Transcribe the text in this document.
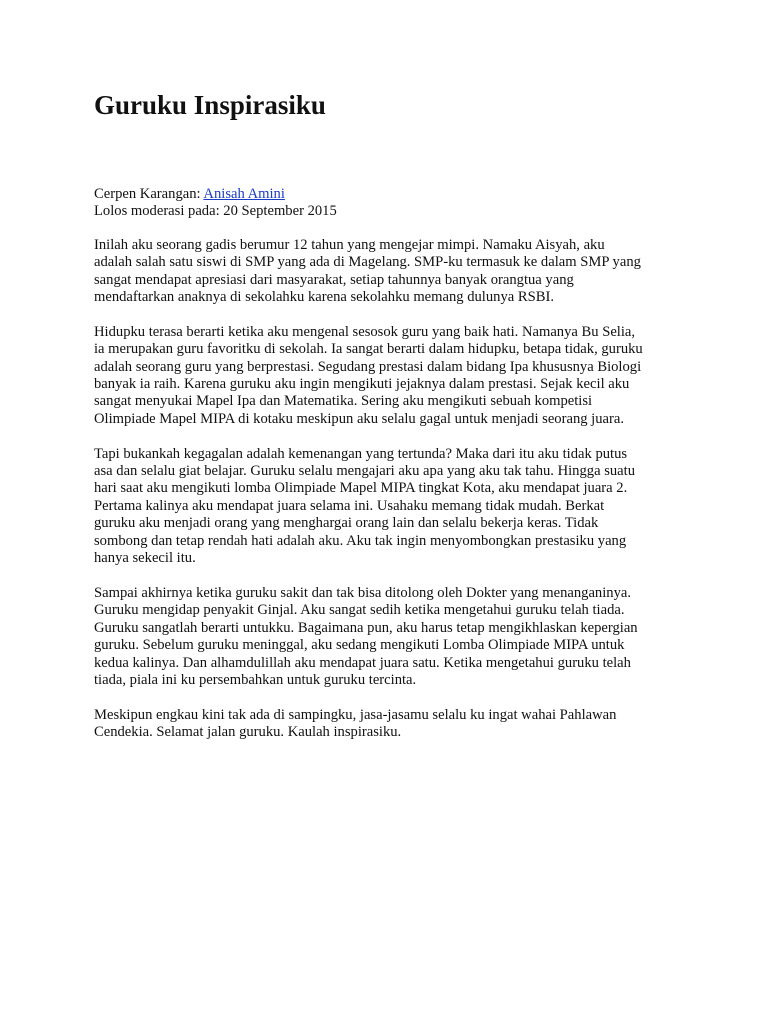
Guruku Inspirasiku
Cerpen Karangan: Anisah Amini
Lolos moderasi pada: 20 September 2015

Inilah aku seorang gadis berumur 12 tahun yang mengejar mimpi. Namaku Aisyah, aku
adalah salah satu siswi di SMP yang ada di Magelang. SMP-ku termasuk ke dalam SMP yang
sangat mendapat apresiasi dari masyarakat, setiap tahunnya banyak orangtua yang
mendaftarkan anaknya di sekolahku karena sekolahku memang dulunya RSBI.

Hidupku terasa berarti ketika aku mengenal sesosok guru yang baik hati. Namanya Bu Selia,
ia merupakan guru favoritku di sekolah. Ia sangat berarti dalam hidupku, betapa tidak, guruku
adalah seorang guru yang berprestasi. Segudang prestasi dalam bidang Ipa khususnya Biologi
banyak ia raih. Karena guruku aku ingin mengikuti jejaknya dalam prestasi. Sejak kecil aku
sangat menyukai Mapel Ipa dan Matematika. Sering aku mengikuti sebuah kompetisi
Olimpiade Mapel MIPA di kotaku meskipun aku selalu gagal untuk menjadi seorang juara.

Tapi bukankah kegagalan adalah kemenangan yang tertunda? Maka dari itu aku tidak putus
asa dan selalu giat belajar. Guruku selalu mengajari aku apa yang aku tak tahu. Hingga suatu
hari saat aku mengikuti lomba Olimpiade Mapel MIPA tingkat Kota, aku mendapat juara 2.
Pertama kalinya aku mendapat juara selama ini. Usahaku memang tidak mudah. Berkat
guruku aku menjadi orang yang menghargai orang lain dan selalu bekerja keras. Tidak
sombong dan tetap rendah hati adalah aku. Aku tak ingin menyombongkan prestasiku yang
hanya sekecil itu.

Sampai akhirnya ketika guruku sakit dan tak bisa ditolong oleh Dokter yang menanganinya.
Guruku mengidap penyakit Ginjal. Aku sangat sedih ketika mengetahui guruku telah tiada.
Guruku sangatlah berarti untukku. Bagaimana pun, aku harus tetap mengikhlaskan kepergian
guruku. Sebelum guruku meninggal, aku sedang mengikuti Lomba Olimpiade MIPA untuk
kedua kalinya. Dan alhamdulillah aku mendapat juara satu. Ketika mengetahui guruku telah
tiada, piala ini ku persembahkan untuk guruku tercinta.

Meskipun engkau kini tak ada di sampingku, jasa-jasamu selalu ku ingat wahai Pahlawan
Cendekia. Selamat jalan guruku. Kaulah inspirasiku.
